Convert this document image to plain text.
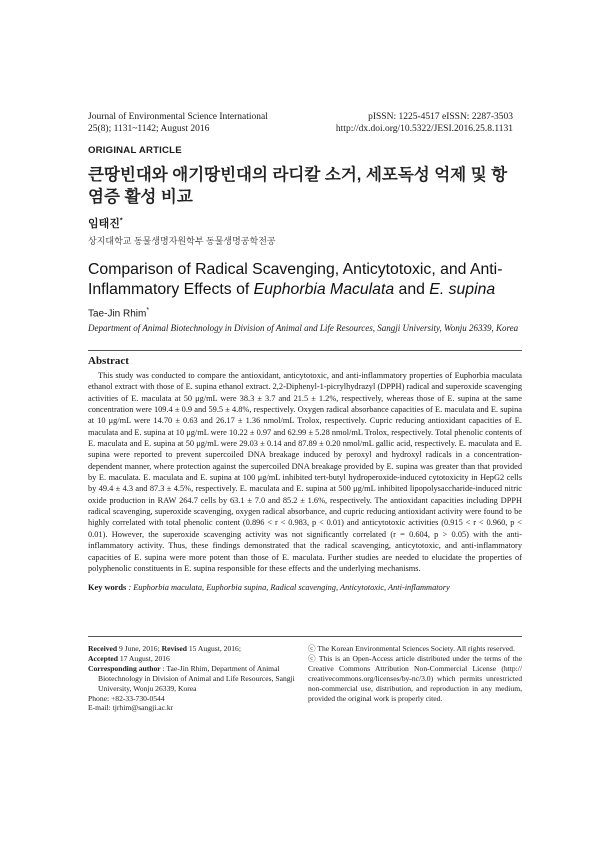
Journal of Environmental Science International
25(8); 1131~1142; August 2016
pISSN: 1225-4517 eISSN: 2287-3503
http://dx.doi.org/10.5322/JESI.2016.25.8.1131
ORIGINAL ARTICLE
큰땅빈대와 애기땅빈대의 라디칼 소거, 세포독성 억제 및 항염증 활성 비교
임태진*
상지대학교 동물생명자원학부 동물생명공학전공
Comparison of Radical Scavenging, Anticytotoxic, and Anti-Inflammatory Effects of Euphorbia Maculata and E. supina
Tae-Jin Rhim*
Department of Animal Biotechnology in Division of Animal and Life Resources, Sangji University, Wonju 26339, Korea
Abstract
This study was conducted to compare the antioxidant, anticytotoxic, and anti-inflammatory properties of Euphorbia maculata ethanol extract with those of E. supina ethanol extract. 2,2-Diphenyl-1-picrylhydrazyl (DPPH) radical and superoxide scavenging activities of E. maculata at 50 μg/mL were 38.3 ± 3.7 and 21.5 ± 1.2%, respectively, whereas those of E. supina at the same concentration were 109.4 ± 0.9 and 59.5 ± 4.8%, respectively. Oxygen radical absorbance capacities of E. maculata and E. supina at 10 μg/mL were 14.70 ± 0.63 and 26.17 ± 1.36 nmol/mL Trolox, respectively. Cupric reducing antioxidant capacities of E. maculata and E. supina at 10 μg/mL were 10.22 ± 0.97 and 62.99 ± 5.28 nmol/mL Trolox, respectively. Total phenolic contents of E. maculata and E. supina at 50 μg/mL were 29.03 ± 0.14 and 87.89 ± 0.20 nmol/mL gallic acid, respectively. E. maculata and E. supina were reported to prevent supercoiled DNA breakage induced by peroxyl and hydroxyl radicals in a concentration-dependent manner, where protection against the supercoiled DNA breakage provided by E. supina was greater than that provided by E. maculata. E. maculata and E. supina at 100 μg/mL inhibited tert-butyl hydroperoxide-induced cytotoxicity in HepG2 cells by 49.4 ± 4.3 and 87.3 ± 4.5%, respectively. E. maculata and E. supina at 500 μg/mL inhibited lipopolysaccharide-induced nitric oxide production in RAW 264.7 cells by 63.1 ± 7.0 and 85.2 ± 1.6%, respectively. The antioxidant capacities including DPPH radical scavenging, superoxide scavenging, oxygen radical absorbance, and cupric reducing antioxidant activity were found to be highly correlated with total phenolic content (0.896 < r < 0.983, p < 0.01) and anticytotoxic activities (0.915 < r < 0.960, p < 0.01). However, the superoxide scavenging activity was not significantly correlated (r = 0.604, p > 0.05) with the anti-inflammatory activity. Thus, these findings demonstrated that the radical scavenging, anticytotoxic, and anti-inflammatory capacities of E. supina were more potent than those of E. maculata. Further studies are needed to elucidate the properties of polyphenolic constituents in E. supina responsible for these effects and the underlying mechanisms.
Key words : Euphorbia maculata, Euphorbia supina, Radical scavenging, Anticytotoxic, Anti-inflammatory
Received 9 June, 2016; Revised 15 August, 2016;
Accepted 17 August, 2016
Corresponding author : Tae-Jin Rhim, Department of Animal Biotechnology in Division of Animal and Life Resources, Sangji University, Wonju 26339, Korea
Phone: +82-33-730-0544
E-mail: tjrhim@sangji.ac.kr
ⓒ The Korean Environmental Sciences Society. All rights reserved.
ⓒ This is an Open-Access article distributed under the terms of the Creative Commons Attribution Non-Commercial License (http:// creativecommons.org/licenses/by-nc/3.0) which permits unrestricted non-commercial use, distribution, and reproduction in any medium, provided the original work is properly cited.
